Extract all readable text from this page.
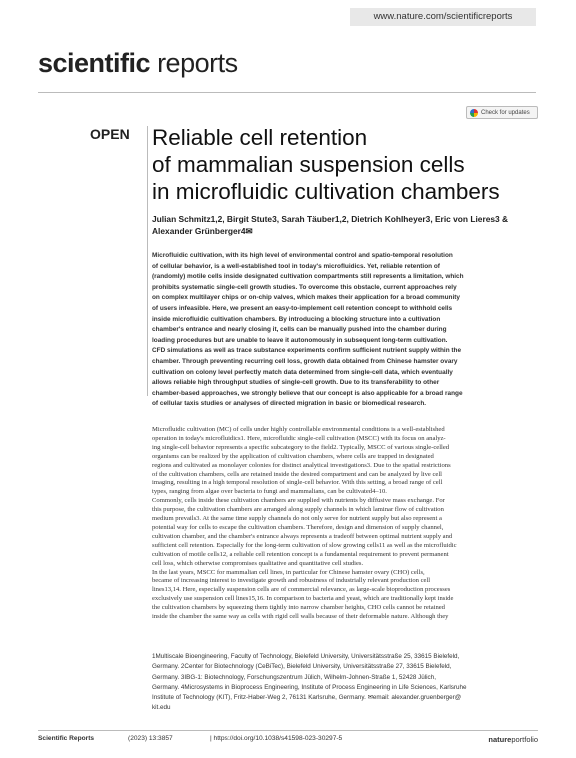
www.nature.com/scientificreports
scientific reports
Check for updates
OPEN Reliable cell retention
of mammalian suspension cells
in microfluidic cultivation chambers
Julian Schmitz1,2, Birgit Stute3, Sarah Täuber1,2, Dietrich Kohlheyer3, Eric von Lieres3 &
Alexander Grünberger4✉
Microfluidic cultivation, with its high level of environmental control and spatio-temporal resolution
of cellular behavior, is a well-established tool in today's microfluidics. Yet, reliable retention of
(randomly) motile cells inside designated cultivation compartments still represents a limitation, which
prohibits systematic single-cell growth studies. To overcome this obstacle, current approaches rely
on complex multilayer chips or on-chip valves, which makes their application for a broad community
of users infeasible. Here, we present an easy-to-implement cell retention concept to withhold cells
inside microfluidic cultivation chambers. By introducing a blocking structure into a cultivation
chamber's entrance and nearly closing it, cells can be manually pushed into the chamber during
loading procedures but are unable to leave it autonomously in subsequent long-term cultivation.
CFD simulations as well as trace substance experiments confirm sufficient nutrient supply within the
chamber. Through preventing recurring cell loss, growth data obtained from Chinese hamster ovary
cultivation on colony level perfectly match data determined from single-cell data, which eventually
allows reliable high throughput studies of single-cell growth. Due to its transferability to other
chamber-based approaches, we strongly believe that our concept is also applicable for a broad range
of cellular taxis studies or analyses of directed migration in basic or biomedical research.
Microfluidic cultivation (MC) of cells under highly controllable environmental conditions is a well-established
operation in today's microfluidics1. Here, microfluidic single-cell cultivation (MSCC) with its focus on analyz-
ing single-cell behavior represents a specific subcategory to the field2. Typically, MSCC of various single-celled
organisms can be realized by the application of cultivation chambers, where cells are trapped in designated
regions and cultivated as monolayer colonies for distinct analytical investigations3. Due to the spatial restrictions
of the cultivation chambers, cells are retained inside the desired compartment and can be analyzed by live cell
imaging, resulting in a high temporal resolution of single-cell behavior. With this setting, a broad range of cell
types, ranging from algae over bacteria to fungi and mammalians, can be cultivated4–10.
Commonly, cells inside these cultivation chambers are supplied with nutrients by diffusive mass exchange. For
this purpose, the cultivation chambers are arranged along supply channels in which laminar flow of cultivation
medium prevails3. At the same time supply channels do not only serve for nutrient supply but also represent a
potential way for cells to escape the cultivation chambers. Therefore, design and dimension of supply channel,
cultivation chamber, and the chamber's entrance always represents a tradeoff between optimal nutrient supply and
sufficient cell retention. Especially for the long-term cultivation of slow growing cells11 as well as the microfluidic
cultivation of motile cells12, a reliable cell retention concept is a fundamental requirement to prevent permanent
cell loss, which otherwise compromises qualitative and quantitative cell studies.
In the last years, MSCC for mammalian cell lines, in particular for Chinese hamster ovary (CHO) cells,
became of increasing interest to investigate growth and robustness of industrially relevant production cell
lines13,14. Here, especially suspension cells are of commercial relevance, as large-scale bioproduction processes
exclusively use suspension cell lines15,16. In comparison to bacteria and yeast, which are traditionally kept inside
the cultivation chambers by squeezing them tightly into narrow chamber heights, CHO cells cannot be retained
inside the chamber the same way as cells with rigid cell walls because of their deformable nature. Although they
1Multiscale Bioengineering, Faculty of Technology, Bielefeld University, Universitätsstraße 25, 33615 Bielefeld,
Germany. 2Center for Biotechnology (CeBiTec), Bielefeld University, Universitätsstraße 27, 33615 Bielefeld,
Germany. 3IBG-1: Biotechnology, Forschungszentrum Jülich, Wilhelm-Johnen-Straße 1, 52428 Jülich,
Germany. 4Microsystems in Bioprocess Engineering, Institute of Process Engineering in Life Sciences, Karlsruhe
Institute of Technology (KIT), Fritz-Haber-Weg 2, 76131 Karlsruhe, Germany. ✉email: alexander.gruenberger@
kit.edu
Scientific Reports	(2023) 13:3857	| https://doi.org/10.1038/s41598-023-30297-5	natureportfolio
